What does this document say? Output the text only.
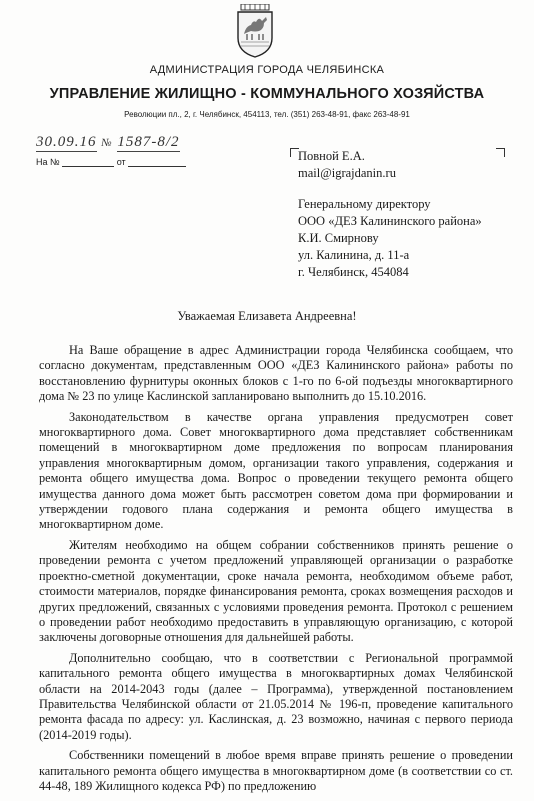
АДМИНИСТРАЦИЯ ГОРОДА ЧЕЛЯБИНСКА
УПРАВЛЕНИЕ ЖИЛИЩНО - КОММУНАЛЬНОГО ХОЗЯЙСТВА
Революции пл., 2, г. Челябинск, 454113, тел. (351) 263-48-91, факс 263-48-91
30.09.16 № 1587-8/2
На №	от	Повной Е.А.
mail@igrajdanin.ru
Генеральному директору
ООО «ДЕЗ Калининского района»
К.И. Смирнову
ул. Калинина, д. 11-а
г. Челябинск, 454084
Уважаемая Елизавета Андреевна!

На Ваше обращение в адрес Администрации города Челябинска сообщаем, что согласно документам, представленным ООО «ДЕЗ Калининского района» работы по восстановлению фурнитуры оконных блоков с 1-го по 6-ой подъезды многоквартирного дома № 23 по улице Каслинской запланировано выполнить до 15.10.2016.

Законодательством в качестве органа управления предусмотрен совет многоквартирного дома. Совет многоквартирного дома представляет собственникам помещений в многоквартирном доме предложения по вопросам планирования управления многоквартирным домом, организации такого управления, содержания и ремонта общего имущества дома. Вопрос о проведении текущего ремонта общего имущества данного дома может быть рассмотрен советом дома при формировании и утверждении годового плана содержания и ремонта общего имущества в многоквартирном доме.

Жителям необходимо на общем собрании собственников принять решение о проведении ремонта с учетом предложений управляющей организации о разработке проектно-сметной документации, сроке начала ремонта, необходимом объеме работ, стоимости материалов, порядке финансирования ремонта, сроках возмещения расходов и других предложений, связанных с условиями проведения ремонта. Протокол с решением о проведении работ необходимо предоставить в управляющую организацию, с которой заключены договорные отношения для дальнейшей работы.

Дополнительно сообщаю, что в соответствии с Региональной программой капитального ремонта общего имущества в многоквартирных домах Челябинской области на 2014-2043 годы (далее – Программа), утвержденной постановлением Правительства Челябинской области от 21.05.2014 № 196-п, проведение капитального ремонта фасада по адресу: ул. Каслинская, д. 23 возможно, начиная с первого периода (2014-2019 годы).

Собственники помещений в любое время вправе принять решение о проведении капитального ремонта общего имущества в многоквартирном доме (в соответствии со ст. 44-48, 189 Жилищного кодекса РФ) по предложению
